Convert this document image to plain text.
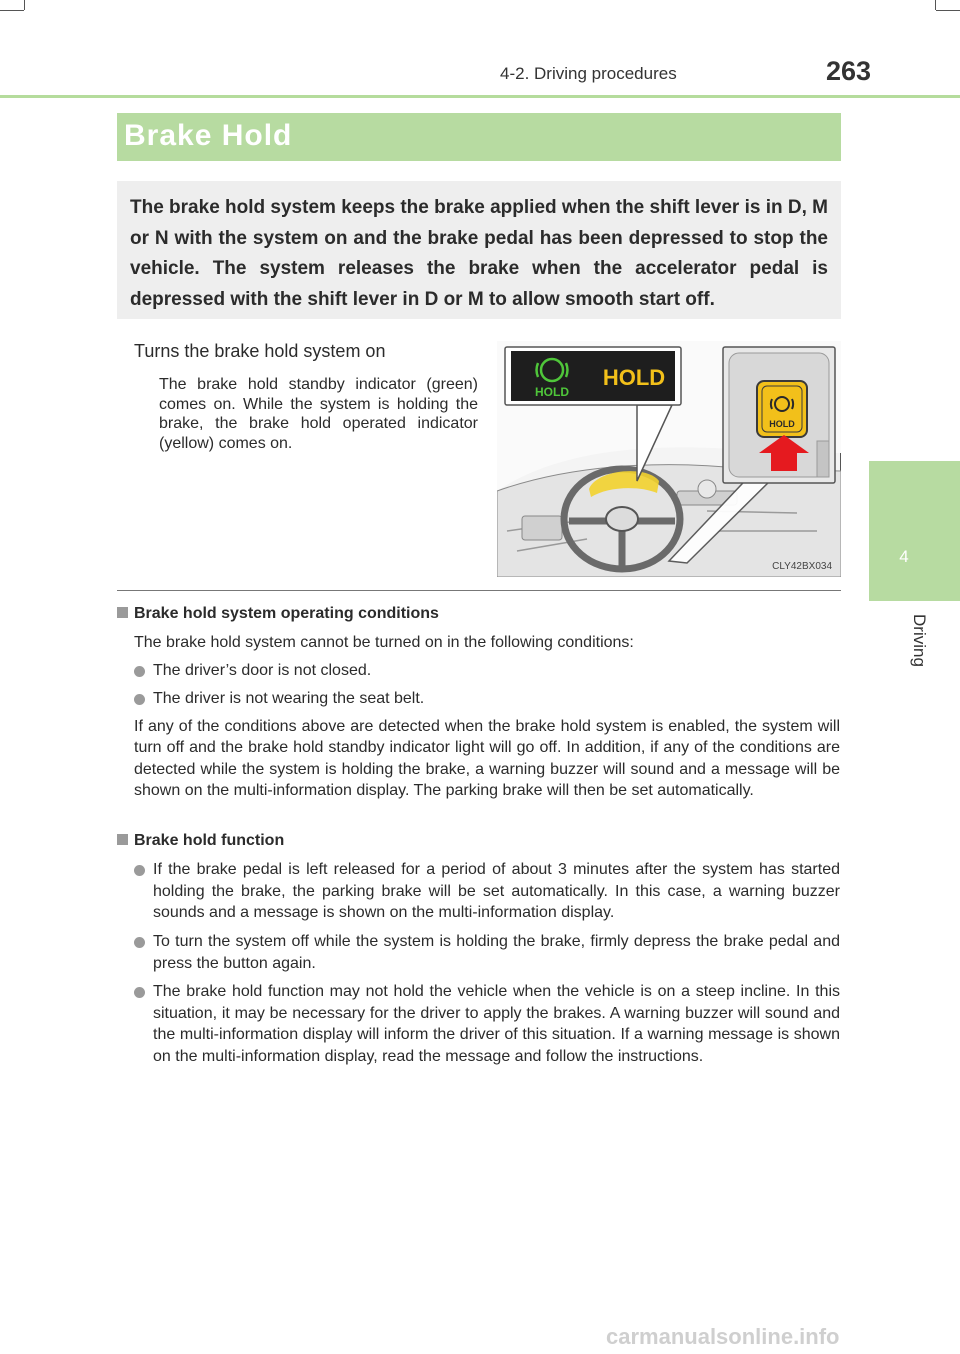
4-2. Driving procedures	263
Brake Hold

The brake hold system keeps the brake applied when the shift lever is in D, M or N with the system on and the brake pedal has been depressed to stop the vehicle. The system releases the brake when the accelerator pedal is depressed with the shift lever in D or M to allow smooth start off.

Turns the brake hold system on

The brake hold standby indicator (green) comes on. While the system is holding the brake, the brake hold operated indicator (yellow) comes on.

HOLD
HOLD
HOLD
CLY42BX034
Brake hold system operating conditions

The brake hold system cannot be turned on in the following conditions:

The driver’s door is not closed.
The driver is not wearing the seat belt.

If any of the conditions above are detected when the brake hold system is enabled, the system will turn off and the brake hold standby indicator light will go off. In addition, if any of the conditions are detected while the system is holding the brake, a warning buzzer will sound and a message will be shown on the multi-information display. The parking brake will then be set automatically.

Brake hold function
If the brake pedal is left released for a period of about 3 minutes after the system has started holding the brake, the parking brake will be set automatically. In this case, a warning buzzer sounds and a message is shown on the multi-information display.
To turn the system off while the system is holding the brake, firmly depress the brake pedal and press the button again.
The brake hold function may not hold the vehicle when the vehicle is on a steep incline. In this situation, it may be necessary for the driver to apply the brakes. A warning buzzer will sound and the multi-information display will inform the driver of this situation. If a warning message is shown on the multi-information display, read the message and follow the instructions.
4
Driving
carmanualsonline.info
